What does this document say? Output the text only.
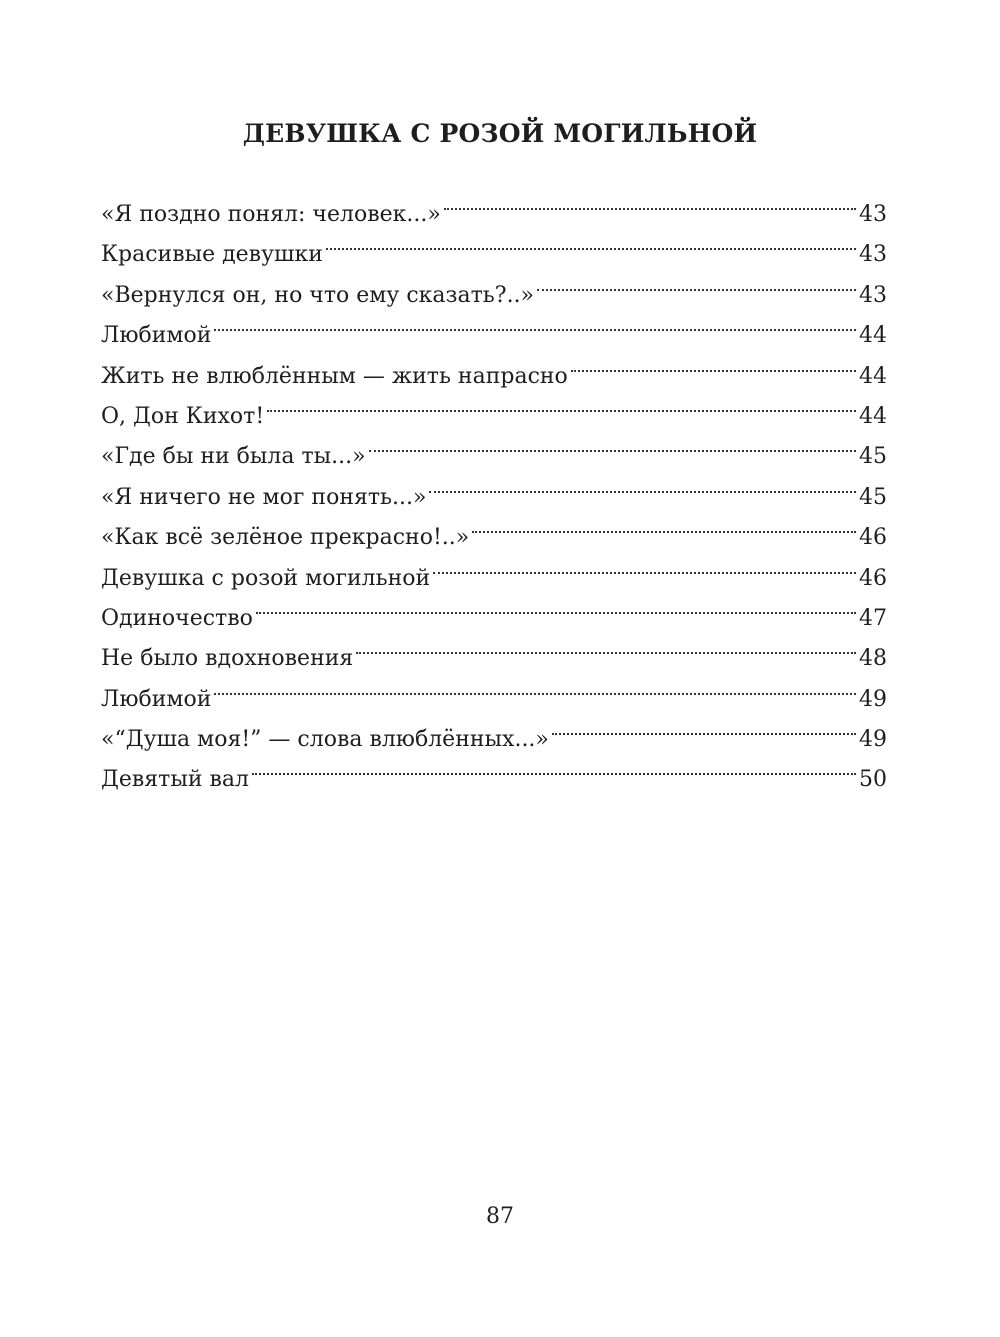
ДЕВУШКА С РОЗОЙ МОГИЛЬНОЙ
«Я поздно понял: человек...»	43
Красивые девушки	43
«Вернулся он, но что ему сказать?..»	43
Любимой	44
Жить не влюблённым — жить напрасно	44
О, Дон Кихот!	44
«Где бы ни была ты...»	45
«Я ничего не мог понять...»	45
«Как всё зелёное прекрасно!..»	46
Девушка с розой могильной	46
Одиночество	47
Не было вдохновения	48
Любимой	49
«“Душа моя!” — слова влюблённых...»	49
Девятый вал	50
87
